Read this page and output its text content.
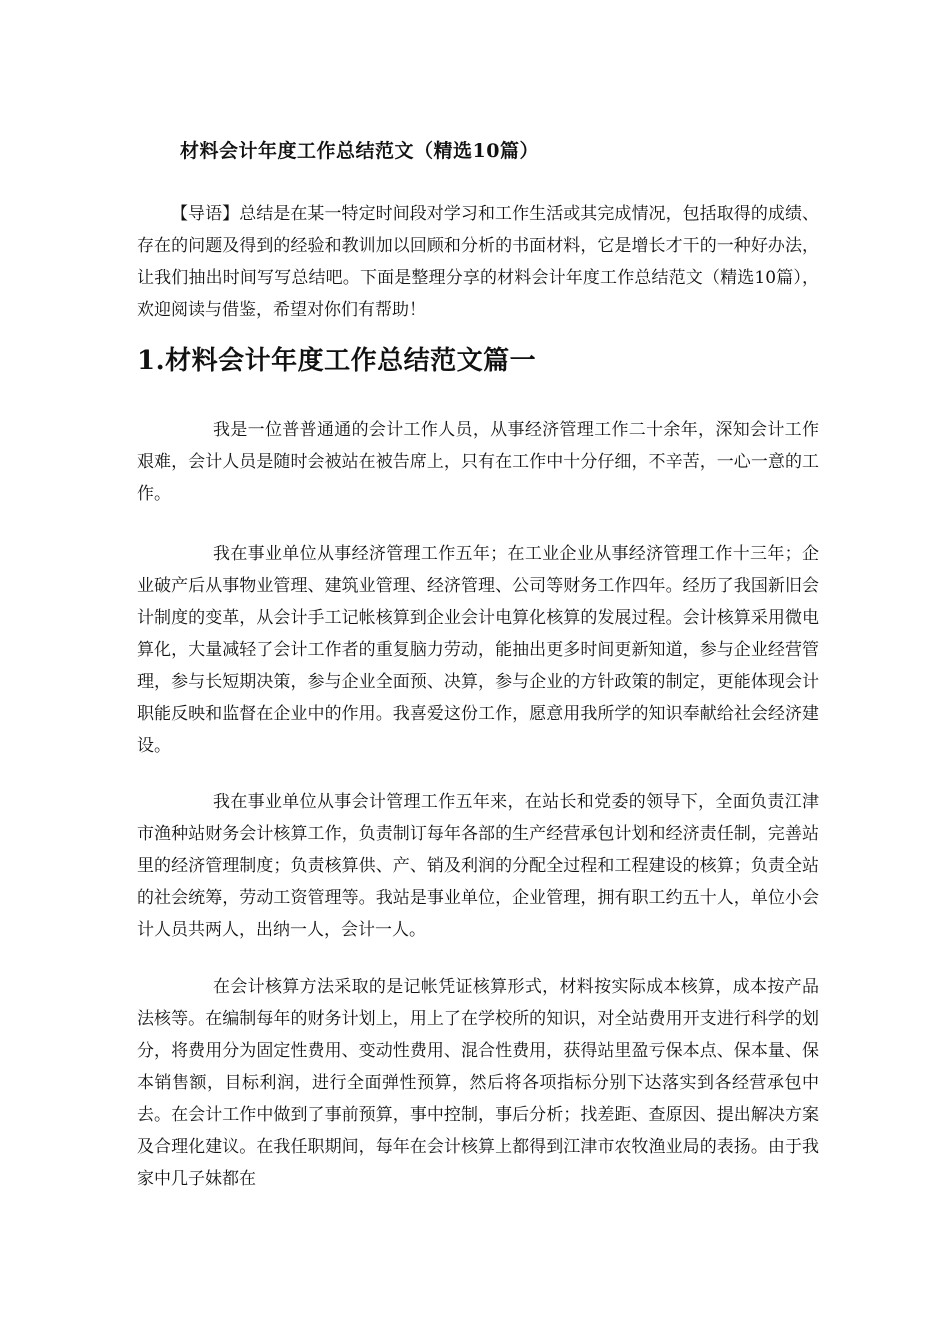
材料会计年度工作总结范文（精选10篇）
【导语】总结是在某一特定时间段对学习和工作生活或其完成情况，包括取得的成绩、存在的问题及得到的经验和教训加以回顾和分析的书面材料，它是增长才干的一种好办法，让我们抽出时间写写总结吧。下面是整理分享的材料会计年度工作总结范文（精选10篇），欢迎阅读与借鉴，希望对你们有帮助！
1.材料会计年度工作总结范文篇一
我是一位普普通通的会计工作人员，从事经济管理工作二十余年，深知会计工作艰难，会计人员是随时会被站在被告席上，只有在工作中十分仔细，不辛苦，一心一意的工作。
我在事业单位从事经济管理工作五年；在工业企业从事经济管理工作十三年；企业破产后从事物业管理、建筑业管理、经济管理、公司等财务工作四年。经历了我国新旧会计制度的变革，从会计手工记帐核算到企业会计电算化核算的发展过程。会计核算采用微电算化，大量减轻了会计工作者的重复脑力劳动，能抽出更多时间更新知道，参与企业经营管理，参与长短期决策，参与企业全面预、决算，参与企业的方针政策的制定，更能体现会计职能反映和监督在企业中的作用。我喜爱这份工作，愿意用我所学的知识奉献给社会经济建设。
我在事业单位从事会计管理工作五年来，在站长和党委的领导下，全面负责江津市渔种站财务会计核算工作，负责制订每年各部的生产经营承包计划和经济责任制，完善站里的经济管理制度；负责核算供、产、销及利润的分配全过程和工程建设的核算；负责全站的社会统筹，劳动工资管理等。我站是事业单位，企业管理，拥有职工约五十人，单位小会计人员共两人，出纳一人，会计一人。
在会计核算方法采取的是记帐凭证核算形式，材料按实际成本核算，成本按产品法核等。在编制每年的财务计划上，用上了在学校所的知识，对全站费用开支进行科学的划分，将费用分为固定性费用、变动性费用、混合性费用，获得站里盈亏保本点、保本量、保本销售额，目标利润，进行全面弹性预算，然后将各项指标分别下达落实到各经营承包中去。在会计工作中做到了事前预算，事中控制，事后分析；找差距、查原因、提出解决方案及合理化建议。在我任职期间，每年在会计核算上都得到江津市农牧渔业局的表扬。由于我家中几子妹都在
